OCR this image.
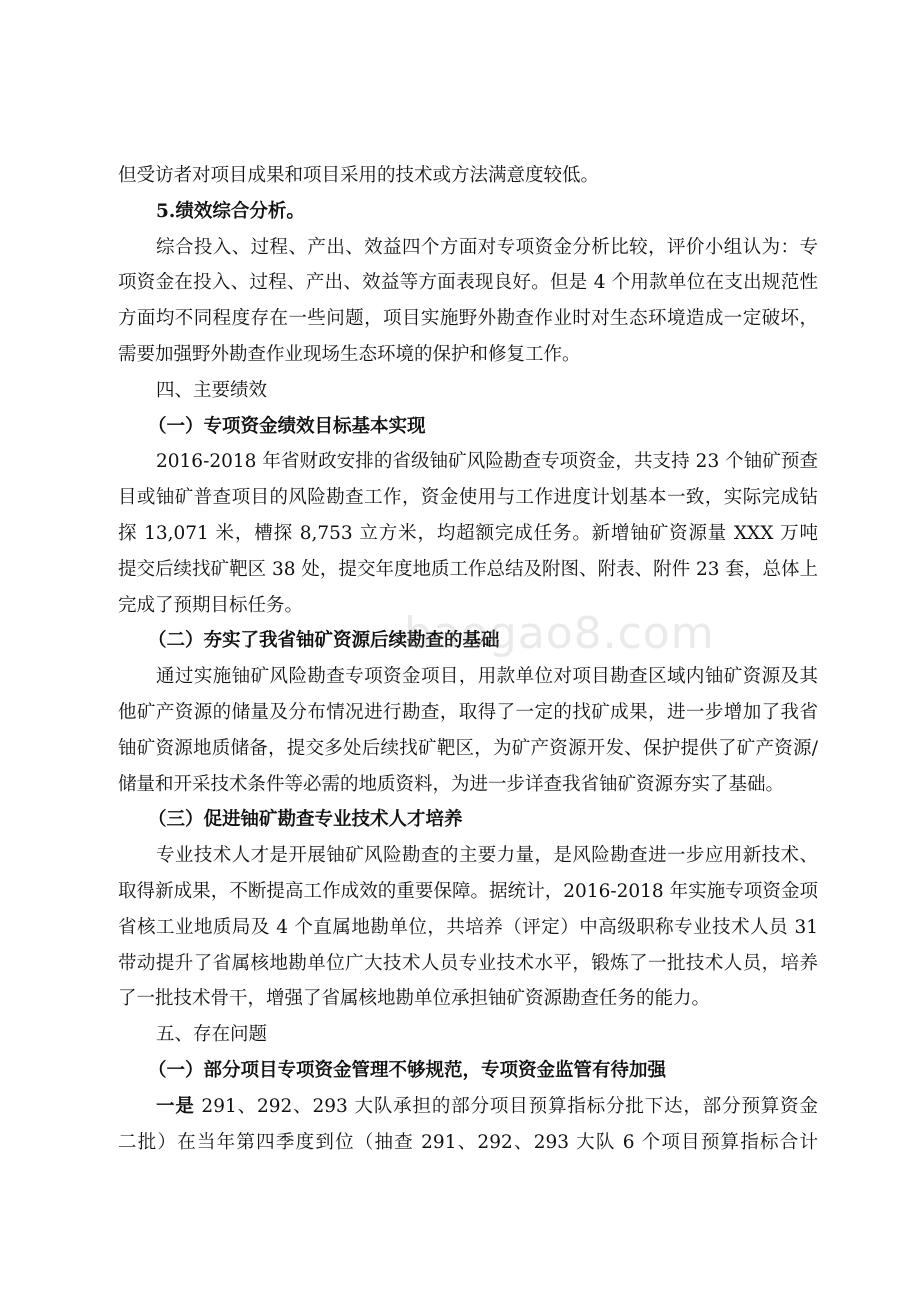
但受访者对项目成果和项目采用的技术或方法满意度较低。
5.绩效综合分析。
综合投入、过程、产出、效益四个方面对专项资金分析比较，评价小组认为：专
项资金在投入、过程、产出、效益等方面表现良好。但是 4 个用款单位在支出规范性
方面均不同程度存在一些问题，项目实施野外勘查作业时对生态环境造成一定破坏，
需要加强野外勘查作业现场生态环境的保护和修复工作。
四、主要绩效
（一）专项资金绩效目标基本实现
2016-2018 年省财政安排的省级铀矿风险勘查专项资金，共支持 23 个铀矿预查
目或铀矿普查项目的风险勘查工作，资金使用与工作进度计划基本一致，实际完成钻
探 13,071 米，槽探 8,753 立方米，均超额完成任务。新增铀矿资源量 XXX 万吨
提交后续找矿靶区 38 处，提交年度地质工作总结及附图、附表、附件 23 套，总体上
完成了预期目标任务。
（二）夯实了我省铀矿资源后续勘查的基础
通过实施铀矿风险勘查专项资金项目，用款单位对项目勘查区域内铀矿资源及其
他矿产资源的储量及分布情况进行勘查，取得了一定的找矿成果，进一步增加了我省
铀矿资源地质储备，提交多处后续找矿靶区，为矿产资源开发、保护提供了矿产资源/
储量和开采技术条件等必需的地质资料，为进一步详查我省铀矿资源夯实了基础。
（三）促进铀矿勘查专业技术人才培养
专业技术人才是开展铀矿风险勘查的主要力量，是风险勘查进一步应用新技术、
取得新成果，不断提高工作成效的重要保障。据统计，2016-2018 年实施专项资金项
省核工业地质局及 4 个直属地勘单位，共培养（评定）中高级职称专业技术人员 31
带动提升了省属核地勘单位广大技术人员专业技术水平，锻炼了一批技术人员，培养
了一批技术骨干，增强了省属核地勘单位承担铀矿资源勘查任务的能力。
五、存在问题
（一）部分项目专项资金管理不够规范，专项资金监管有待加强
一是 291、292、293 大队承担的部分项目预算指标分批下达，部分预算资金
二批）在当年第四季度到位（抽查 291、292、293 大队 6 个项目预算指标合计
baogao8.com
